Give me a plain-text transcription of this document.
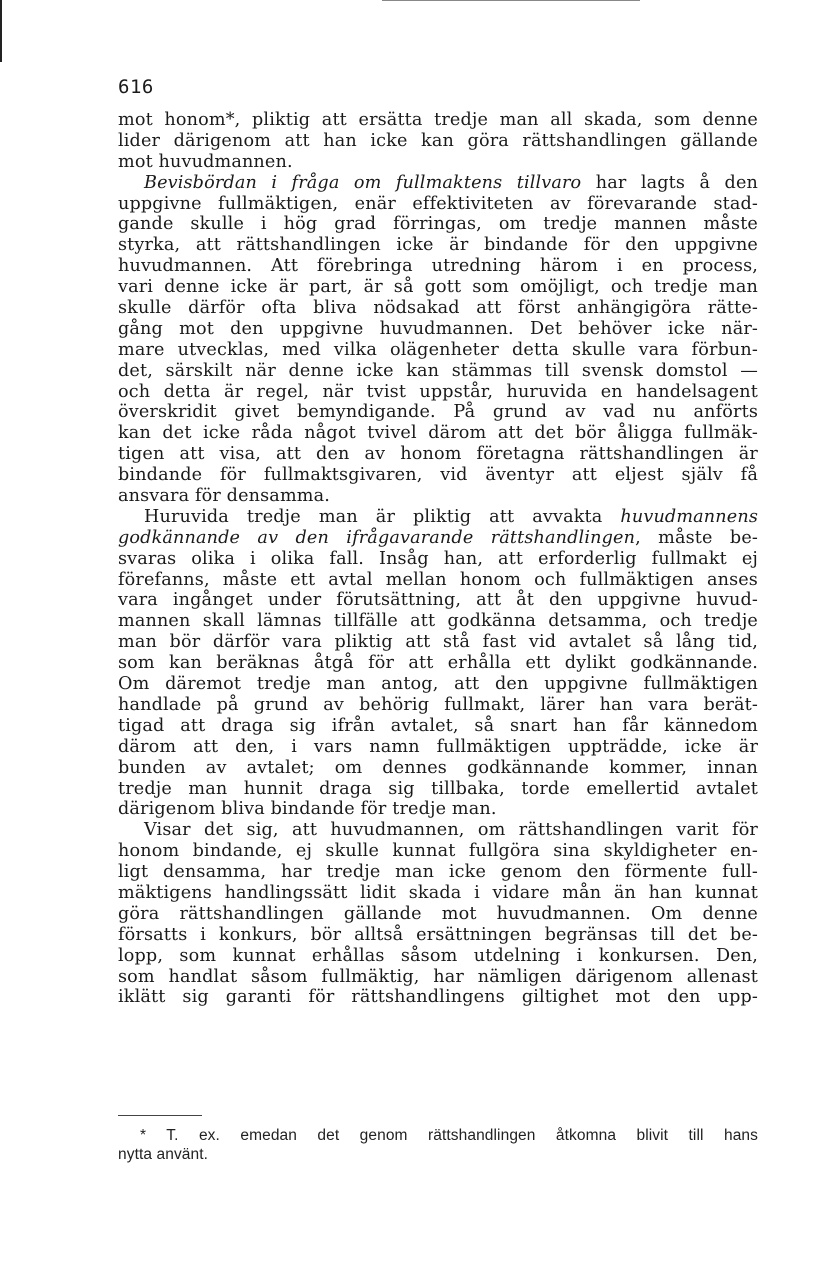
616
mot honom*, pliktig att ersätta tredje man all skada, som denne
lider därigenom att han icke kan göra rättshandlingen gällande
mot huvudmannen.
Bevisbördan i fråga om fullmaktens tillvaro har lagts å den
uppgivne fullmäktigen, enär effektiviteten av förevarande stad-
gande skulle i hög grad förringas, om tredje mannen måste
styrka, att rättshandlingen icke är bindande för den uppgivne
huvudmannen. Att förebringa utredning härom i en process,
vari denne icke är part, är så gott som omöjligt, och tredje man
skulle därför ofta bliva nödsakad att först anhängigöra rätte-
gång mot den uppgivne huvudmannen. Det behöver icke när-
mare utvecklas, med vilka olägenheter detta skulle vara förbun-
det, särskilt när denne icke kan stämmas till svensk domstol —
och detta är regel, när tvist uppstår, huruvida en handelsagent
överskridit givet bemyndigande. På grund av vad nu anförts
kan det icke råda något tvivel därom att det bör åligga fullmäk-
tigen att visa, att den av honom företagna rättshandlingen är
bindande för fullmaktsgivaren, vid äventyr att eljest själv få
ansvara för densamma.
Huruvida tredje man är pliktig att avvakta huvudmannens
godkännande av den ifrågavarande rättshandlingen, måste be-
svaras olika i olika fall. Insåg han, att erforderlig fullmakt ej
förefanns, måste ett avtal mellan honom och fullmäktigen anses
vara ingånget under förutsättning, att åt den uppgivne huvud-
mannen skall lämnas tillfälle att godkänna detsamma, och tredje
man bör därför vara pliktig att stå fast vid avtalet så lång tid,
som kan beräknas åtgå för att erhålla ett dylikt godkännande.
Om däremot tredje man antog, att den uppgivne fullmäktigen
handlade på grund av behörig fullmakt, lärer han vara berät-
tigad att draga sig ifrån avtalet, så snart han får kännedom
därom att den, i vars namn fullmäktigen uppträdde, icke är
bunden av avtalet; om dennes godkännande kommer, innan
tredje man hunnit draga sig tillbaka, torde emellertid avtalet
därigenom bliva bindande för tredje man.
Visar det sig, att huvudmannen, om rättshandlingen varit för
honom bindande, ej skulle kunnat fullgöra sina skyldigheter en-
ligt densamma, har tredje man icke genom den förmente full-
mäktigens handlingssätt lidit skada i vidare mån än han kunnat
göra rättshandlingen gällande mot huvudmannen. Om denne
försatts i konkurs, bör alltså ersättningen begränsas till det be-
lopp, som kunnat erhållas såsom utdelning i konkursen. Den,
som handlat såsom fullmäktig, har nämligen därigenom allenast
iklätt sig garanti för rättshandlingens giltighet mot den upp-
* T. ex. emedan det genom rättshandlingen åtkomna blivit till hans
nytta använt.
